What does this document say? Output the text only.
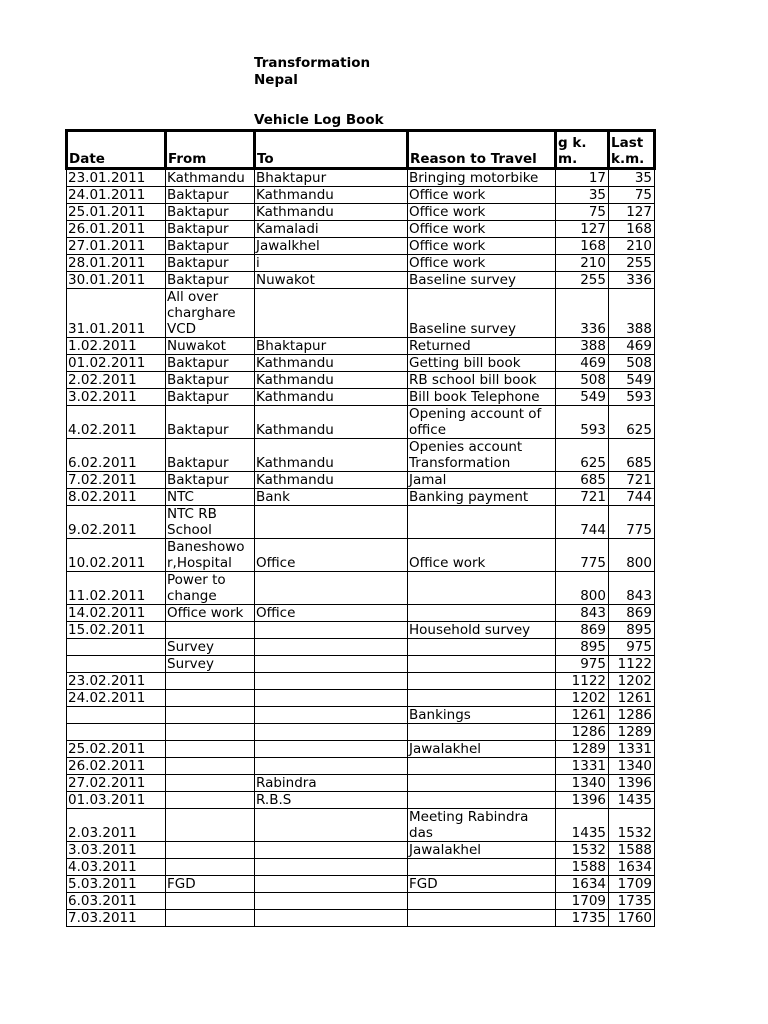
Transformation Nepal
Vehicle Log Book
Date	From	To	Reason to Travel	g k. m.	Last k.m.
23.01.2011	Kathmandu	Bhaktapur	Bringing motorbike	17	35
24.01.2011	Baktapur	Kathmandu	Office work	35	75
25.01.2011	Baktapur	Kathmandu	Office work	75	127
26.01.2011	Baktapur	Kamaladi	Office work	127	168
27.01.2011	Baktapur	Jawalkhel	Office work	168	210
28.01.2011	Baktapur	i	Office work	210	255
30.01.2011	Baktapur	Nuwakot	Baseline survey	255	336
31.01.2011	All over charghare VCD		Baseline survey	336	388
1.02.2011	Nuwakot	Bhaktapur	Returned	388	469
01.02.2011	Baktapur	Kathmandu	Getting bill book	469	508
2.02.2011	Baktapur	Kathmandu	RB school bill book	508	549
3.02.2011	Baktapur	Kathmandu	Bill book Telephone	549	593
4.02.2011	Baktapur	Kathmandu	Opening account of office	593	625
6.02.2011	Baktapur	Kathmandu	Openies account Transformation	625	685
7.02.2011	Baktapur	Kathmandu	Jamal	685	721
8.02.2011	NTC	Bank	Banking payment	721	744
9.02.2011	NTC RB School			744	775
10.02.2011	Baneshowo r,Hospital	Office	Office work	775	800
11.02.2011	Power to change			800	843
14.02.2011	Office work	Office		843	869
15.02.2011			Household survey	869	895
	Survey			895	975
	Survey			975	1122
23.02.2011				1122	1202
24.02.2011				1202	1261
			Bankings	1261	1286
				1286	1289
25.02.2011			Jawalakhel	1289	1331
26.02.2011				1331	1340
27.02.2011		Rabindra		1340	1396
01.03.2011		R.B.S		1396	1435
2.03.2011			Meeting Rabindra das	1435	1532
3.03.2011			Jawalakhel	1532	1588
4.03.2011				1588	1634
5.03.2011	FGD		FGD	1634	1709
6.03.2011				1709	1735
7.03.2011				1735	1760
